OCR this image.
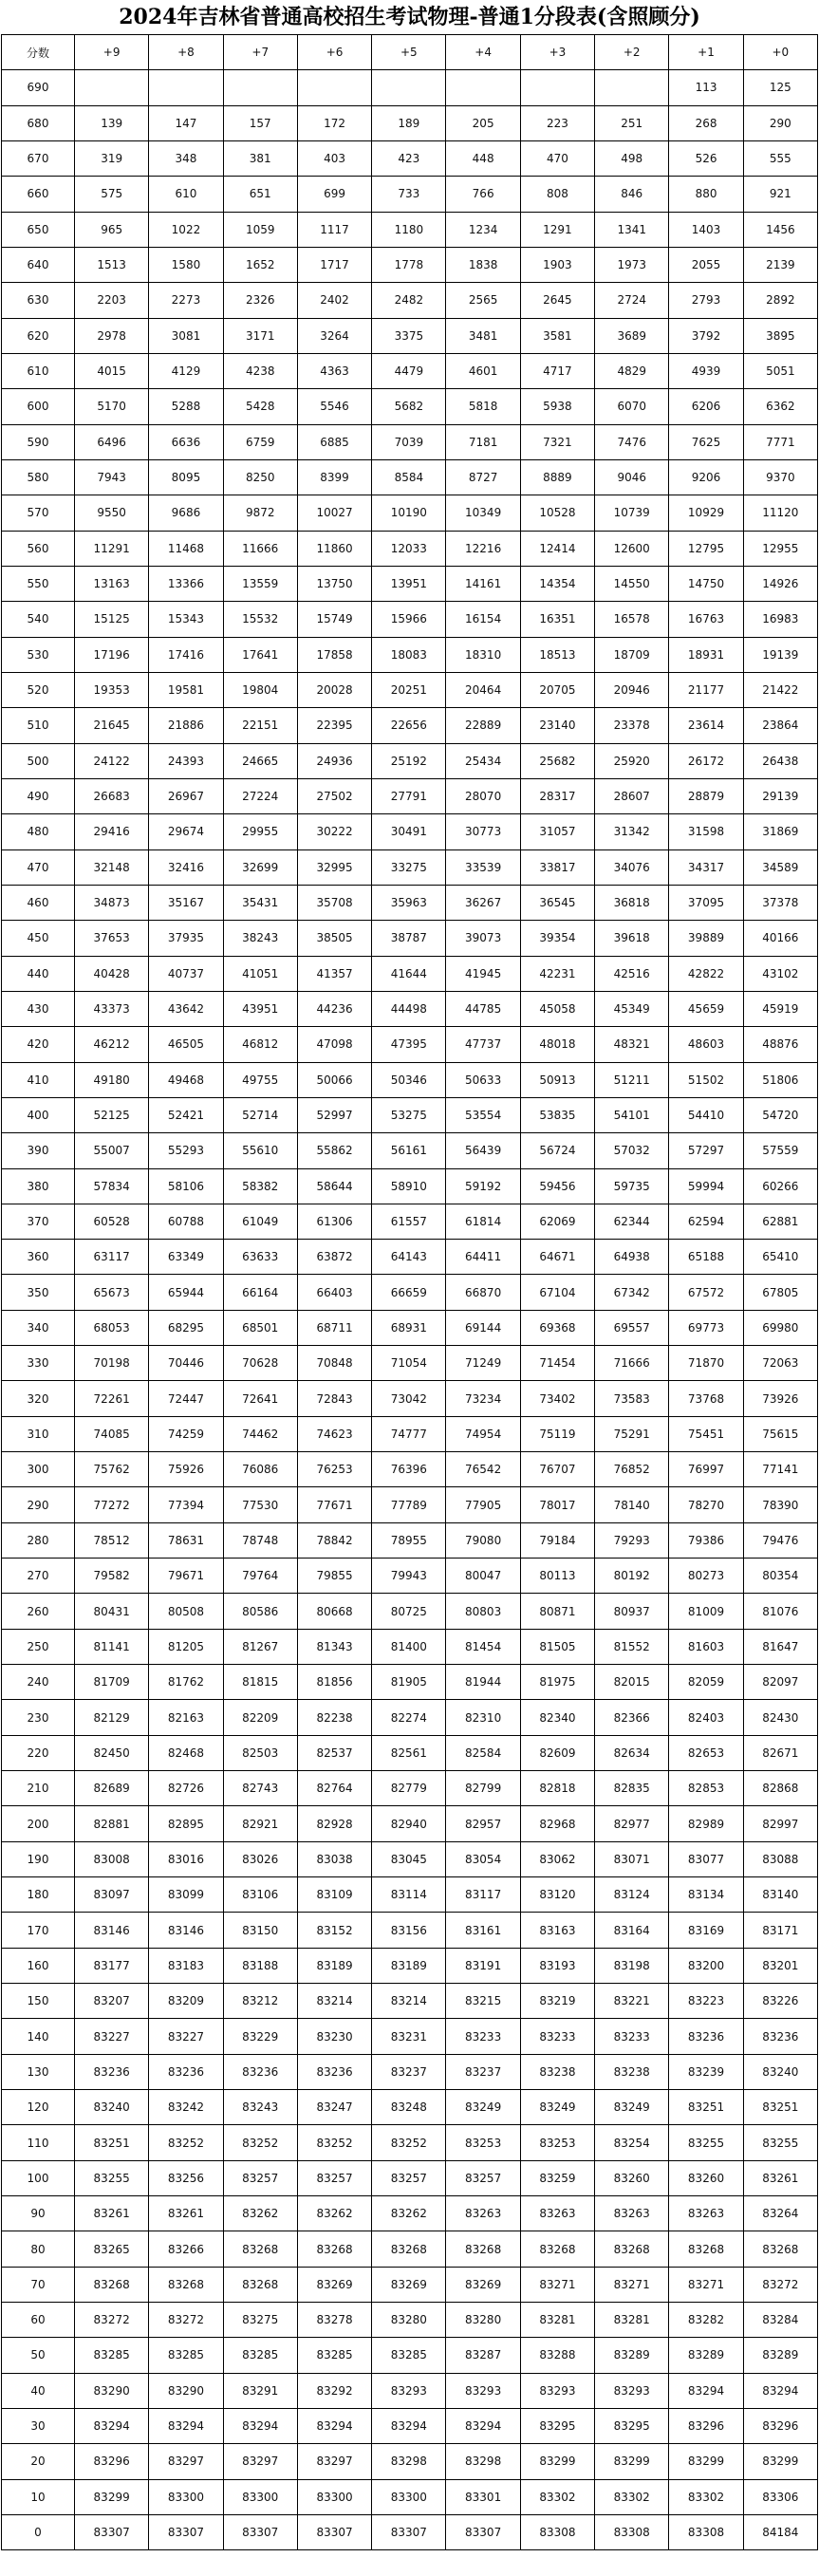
2024年吉林省普通高校招生考试物理-普通1分段表(含照顾分)
分数	+9	+8	+7	+6	+5	+4	+3	+2	+1	+0
690									113	125
680	139	147	157	172	189	205	223	251	268	290
670	319	348	381	403	423	448	470	498	526	555
660	575	610	651	699	733	766	808	846	880	921
650	965	1022	1059	1117	1180	1234	1291	1341	1403	1456
640	1513	1580	1652	1717	1778	1838	1903	1973	2055	2139
630	2203	2273	2326	2402	2482	2565	2645	2724	2793	2892
620	2978	3081	3171	3264	3375	3481	3581	3689	3792	3895
610	4015	4129	4238	4363	4479	4601	4717	4829	4939	5051
600	5170	5288	5428	5546	5682	5818	5938	6070	6206	6362
590	6496	6636	6759	6885	7039	7181	7321	7476	7625	7771
580	7943	8095	8250	8399	8584	8727	8889	9046	9206	9370
570	9550	9686	9872	10027	10190	10349	10528	10739	10929	11120
560	11291	11468	11666	11860	12033	12216	12414	12600	12795	12955
550	13163	13366	13559	13750	13951	14161	14354	14550	14750	14926
540	15125	15343	15532	15749	15966	16154	16351	16578	16763	16983
530	17196	17416	17641	17858	18083	18310	18513	18709	18931	19139
520	19353	19581	19804	20028	20251	20464	20705	20946	21177	21422
510	21645	21886	22151	22395	22656	22889	23140	23378	23614	23864
500	24122	24393	24665	24936	25192	25434	25682	25920	26172	26438
490	26683	26967	27224	27502	27791	28070	28317	28607	28879	29139
480	29416	29674	29955	30222	30491	30773	31057	31342	31598	31869
470	32148	32416	32699	32995	33275	33539	33817	34076	34317	34589
460	34873	35167	35431	35708	35963	36267	36545	36818	37095	37378
450	37653	37935	38243	38505	38787	39073	39354	39618	39889	40166
440	40428	40737	41051	41357	41644	41945	42231	42516	42822	43102
430	43373	43642	43951	44236	44498	44785	45058	45349	45659	45919
420	46212	46505	46812	47098	47395	47737	48018	48321	48603	48876
410	49180	49468	49755	50066	50346	50633	50913	51211	51502	51806
400	52125	52421	52714	52997	53275	53554	53835	54101	54410	54720
390	55007	55293	55610	55862	56161	56439	56724	57032	57297	57559
380	57834	58106	58382	58644	58910	59192	59456	59735	59994	60266
370	60528	60788	61049	61306	61557	61814	62069	62344	62594	62881
360	63117	63349	63633	63872	64143	64411	64671	64938	65188	65410
350	65673	65944	66164	66403	66659	66870	67104	67342	67572	67805
340	68053	68295	68501	68711	68931	69144	69368	69557	69773	69980
330	70198	70446	70628	70848	71054	71249	71454	71666	71870	72063
320	72261	72447	72641	72843	73042	73234	73402	73583	73768	73926
310	74085	74259	74462	74623	74777	74954	75119	75291	75451	75615
300	75762	75926	76086	76253	76396	76542	76707	76852	76997	77141
290	77272	77394	77530	77671	77789	77905	78017	78140	78270	78390
280	78512	78631	78748	78842	78955	79080	79184	79293	79386	79476
270	79582	79671	79764	79855	79943	80047	80113	80192	80273	80354
260	80431	80508	80586	80668	80725	80803	80871	80937	81009	81076
250	81141	81205	81267	81343	81400	81454	81505	81552	81603	81647
240	81709	81762	81815	81856	81905	81944	81975	82015	82059	82097
230	82129	82163	82209	82238	82274	82310	82340	82366	82403	82430
220	82450	82468	82503	82537	82561	82584	82609	82634	82653	82671
210	82689	82726	82743	82764	82779	82799	82818	82835	82853	82868
200	82881	82895	82921	82928	82940	82957	82968	82977	82989	82997
190	83008	83016	83026	83038	83045	83054	83062	83071	83077	83088
180	83097	83099	83106	83109	83114	83117	83120	83124	83134	83140
170	83146	83146	83150	83152	83156	83161	83163	83164	83169	83171
160	83177	83183	83188	83189	83189	83191	83193	83198	83200	83201
150	83207	83209	83212	83214	83214	83215	83219	83221	83223	83226
140	83227	83227	83229	83230	83231	83233	83233	83233	83236	83236
130	83236	83236	83236	83236	83237	83237	83238	83238	83239	83240
120	83240	83242	83243	83247	83248	83249	83249	83249	83251	83251
110	83251	83252	83252	83252	83252	83253	83253	83254	83255	83255
100	83255	83256	83257	83257	83257	83257	83259	83260	83260	83261
90	83261	83261	83262	83262	83262	83263	83263	83263	83263	83264
80	83265	83266	83268	83268	83268	83268	83268	83268	83268	83268
70	83268	83268	83268	83269	83269	83269	83271	83271	83271	83272
60	83272	83272	83275	83278	83280	83280	83281	83281	83282	83284
50	83285	83285	83285	83285	83285	83287	83288	83289	83289	83289
40	83290	83290	83291	83292	83293	83293	83293	83293	83294	83294
30	83294	83294	83294	83294	83294	83294	83295	83295	83296	83296
20	83296	83297	83297	83297	83298	83298	83299	83299	83299	83299
10	83299	83300	83300	83300	83300	83301	83302	83302	83302	83306
0	83307	83307	83307	83307	83307	83307	83308	83308	83308	84184
